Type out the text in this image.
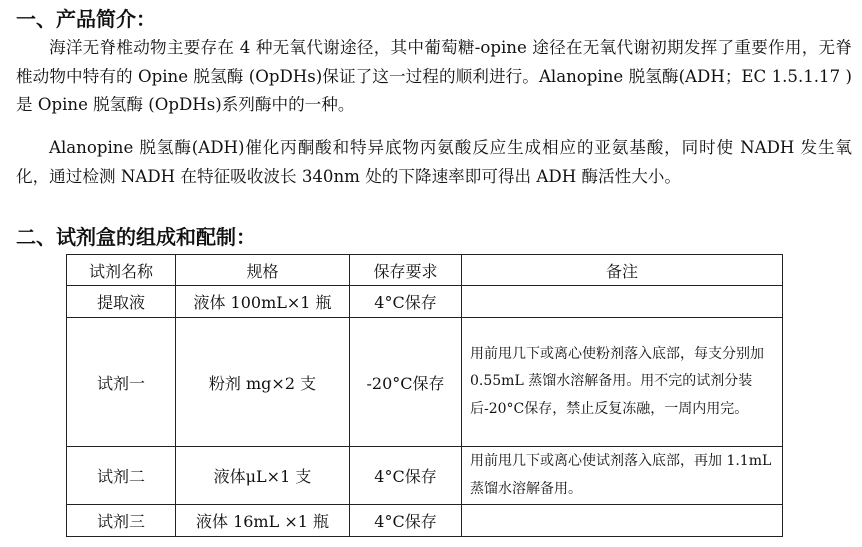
一、产品简介：

海洋无脊椎动物主要存在 4 种无氧代谢途径，其中葡萄糖-opine 途径在无氧代谢初期发挥了重要作用，无脊椎动物中特有的 Opine 脱氢酶 (OpDHs)保证了这一过程的顺利进行。Alanopine 脱氢酶(ADH；EC 1.5.1.17 )是 Opine 脱氢酶 (OpDHs)系列酶中的一种。

Alanopine 脱氢酶(ADH)催化丙酮酸和特异底物丙氨酸反应生成相应的亚氨基酸，同时使 NADH 发生氧化，通过检测 NADH 在特征吸收波长 340nm 处的下降速率即可得出 ADH 酶活性大小。

二、试剂盒的组成和配制：
试剂名称	规格	保存要求	备注
提取液	液体 100mL×1 瓶	4°C保存	
试剂一	粉剂 mg×2 支	-20°C保存	用前甩几下或离心使粉剂落入底部，每支分别加 0.55mL 蒸馏水溶解备用。用不完的试剂分装后-20°C保存，禁止反复冻融，一周内用完。
试剂二	液体μL×1 支	4°C保存	用前甩几下或离心使试剂落入底部，再加 1.1mL 蒸馏水溶解备用。
试剂三	液体 16mL ×1 瓶	4°C保存	
